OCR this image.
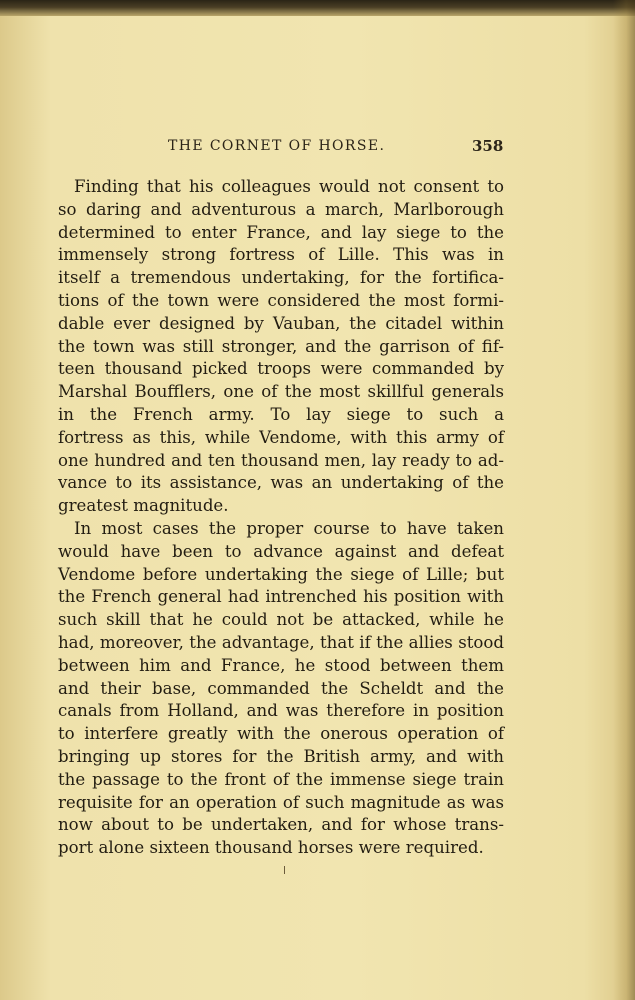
THE CORNET OF HORSE.	358
Finding that his colleagues would not consent to
so daring and adventurous a march, Marlborough
determined to enter France, and lay siege to the
immensely strong fortress of Lille. This was in
itself a tremendous undertaking, for the fortifica-
tions of the town were considered the most formi-
dable ever designed by Vauban, the citadel within
the town was still stronger, and the garrison of fif-
teen thousand picked troops were commanded by
Marshal Boufflers, one of the most skillful generals
in the French army. To lay siege to such a
fortress as this, while Vendome, with this army of
one hundred and ten thousand men, lay ready to ad-
vance to its assistance, was an undertaking of the
greatest magnitude.
In most cases the proper course to have taken
would have been to advance against and defeat
Vendome before undertaking the siege of Lille; but
the French general had intrenched his position with
such skill that he could not be attacked, while he
had, moreover, the advantage, that if the allies stood
between him and France, he stood between them
and their base, commanded the Scheldt and the
canals from Holland, and was therefore in position
to interfere greatly with the onerous operation of
bringing up stores for the British army, and with
the passage to the front of the immense siege train
requisite for an operation of such magnitude as was
now about to be undertaken, and for whose trans-
port alone sixteen thousand horses were required.
